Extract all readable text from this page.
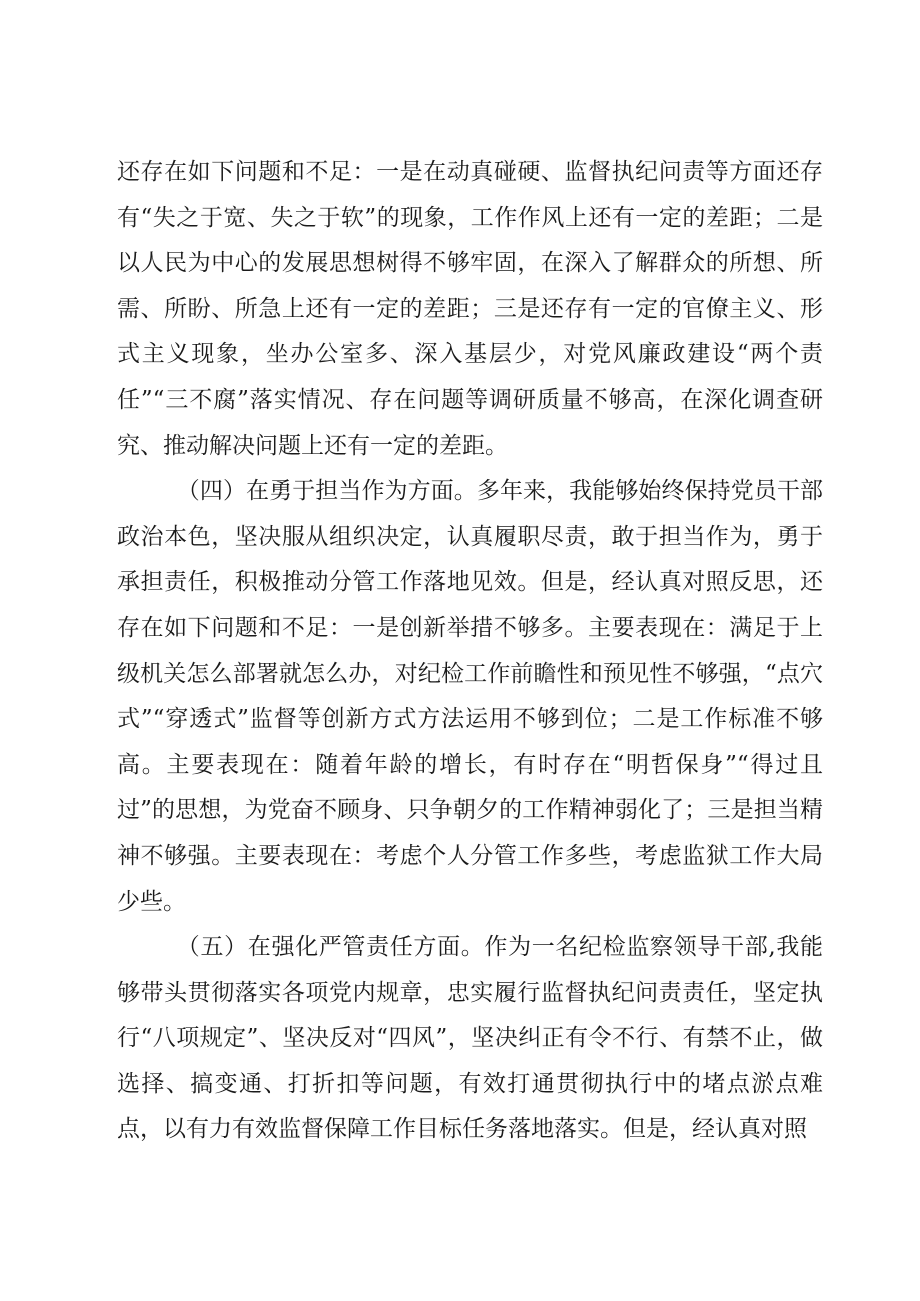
还存在如下问题和不足：一是在动真碰硬、监督执纪问责等方面还存有“失之于宽、失之于软”的现象，工作作风上还有一定的差距；二是以人民为中心的发展思想树得不够牢固，在深入了解群众的所想、所需、所盼、所急上还有一定的差距；三是还存有一定的官僚主义、形式主义现象，坐办公室多、深入基层少，对党风廉政建设“两个责任”“三不腐”落实情况、存在问题等调研质量不够高，在深化调查研究、推动解决问题上还有一定的差距。

（四）在勇于担当作为方面。多年来，我能够始终保持党员干部政治本色，坚决服从组织决定，认真履职尽责，敢于担当作为，勇于承担责任，积极推动分管工作落地见效。但是，经认真对照反思，还存在如下问题和不足：一是创新举措不够多。主要表现在：满足于上级机关怎么部署就怎么办，对纪检工作前瞻性和预见性不够强，“点穴式”“穿透式”监督等创新方式方法运用不够到位；二是工作标准不够高。主要表现在：随着年龄的增长，有时存在“明哲保身”“得过且过”的思想，为党奋不顾身、只争朝夕的工作精神弱化了；三是担当精神不够强。主要表现在：考虑个人分管工作多些，考虑监狱工作大局少些。

（五）在强化严管责任方面。作为一名纪检监察领导干部,我能够带头贯彻落实各项党内规章，忠实履行监督执纪问责责任，坚定执行“八项规定”、坚决反对“四风”，坚决纠正有令不行、有禁不止，做选择、搞变通、打折扣等问题，有效打通贯彻执行中的堵点淤点难点，以有力有效监督保障工作目标任务落地落实。但是，经认真对照
